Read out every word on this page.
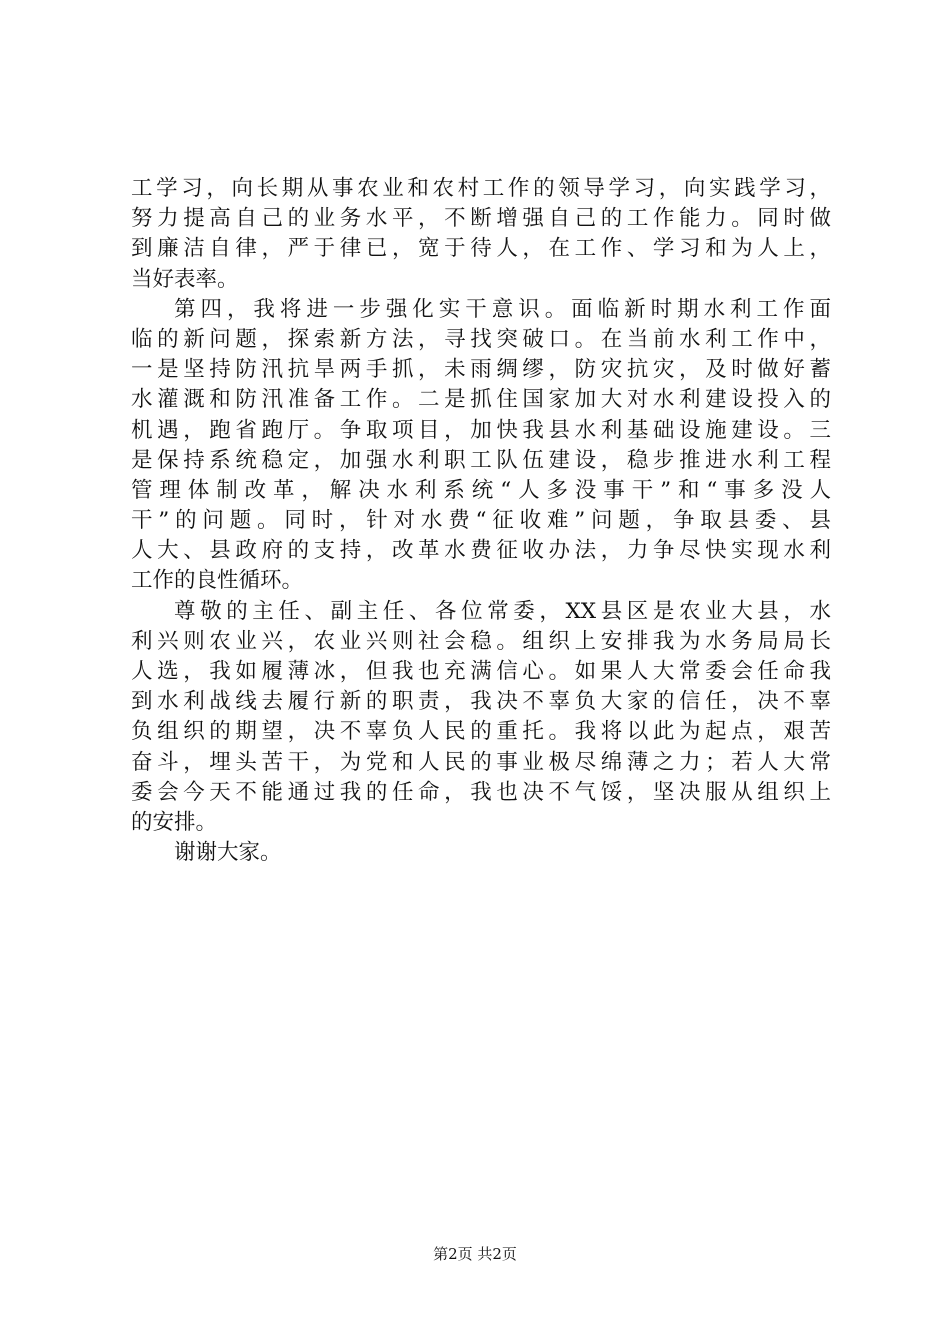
工学习，向长期从事农业和农村工作的领导学习，向实践学习，
努力提高自己的业务水平，不断增强自己的工作能力。同时做
到廉洁自律，严于律已，宽于待人，在工作、学习和为人上，
当好表率。
第四，我将进一步强化实干意识。面临新时期水利工作面
临的新问题，探索新方法，寻找突破口。在当前水利工作中，
一是坚持防汛抗旱两手抓，未雨绸缪，防灾抗灾，及时做好蓄
水灌溉和防汛准备工作。二是抓住国家加大对水利建设投入的
机遇，跑省跑厅。争取项目，加快我县水利基础设施建设。三
是保持系统稳定，加强水利职工队伍建设，稳步推进水利工程
管理体制改革，解决水利系统“人多没事干”和“事多没人
干”的问题。同时，针对水费“征收难”问题，争取县委、县
人大、县政府的支持，改革水费征收办法，力争尽快实现水利
工作的良性循环。
尊敬的主任、副主任、各位常委，XX县区是农业大县，水
利兴则农业兴，农业兴则社会稳。组织上安排我为水务局局长
人选，我如履薄冰，但我也充满信心。如果人大常委会任命我
到水利战线去履行新的职责，我决不辜负大家的信任，决不辜
负组织的期望，决不辜负人民的重托。我将以此为起点，艰苦
奋斗，埋头苦干，为党和人民的事业极尽绵薄之力；若人大常
委会今天不能通过我的任命，我也决不气馁，坚决服从组织上
的安排。
谢谢大家。
第2页 共2页
